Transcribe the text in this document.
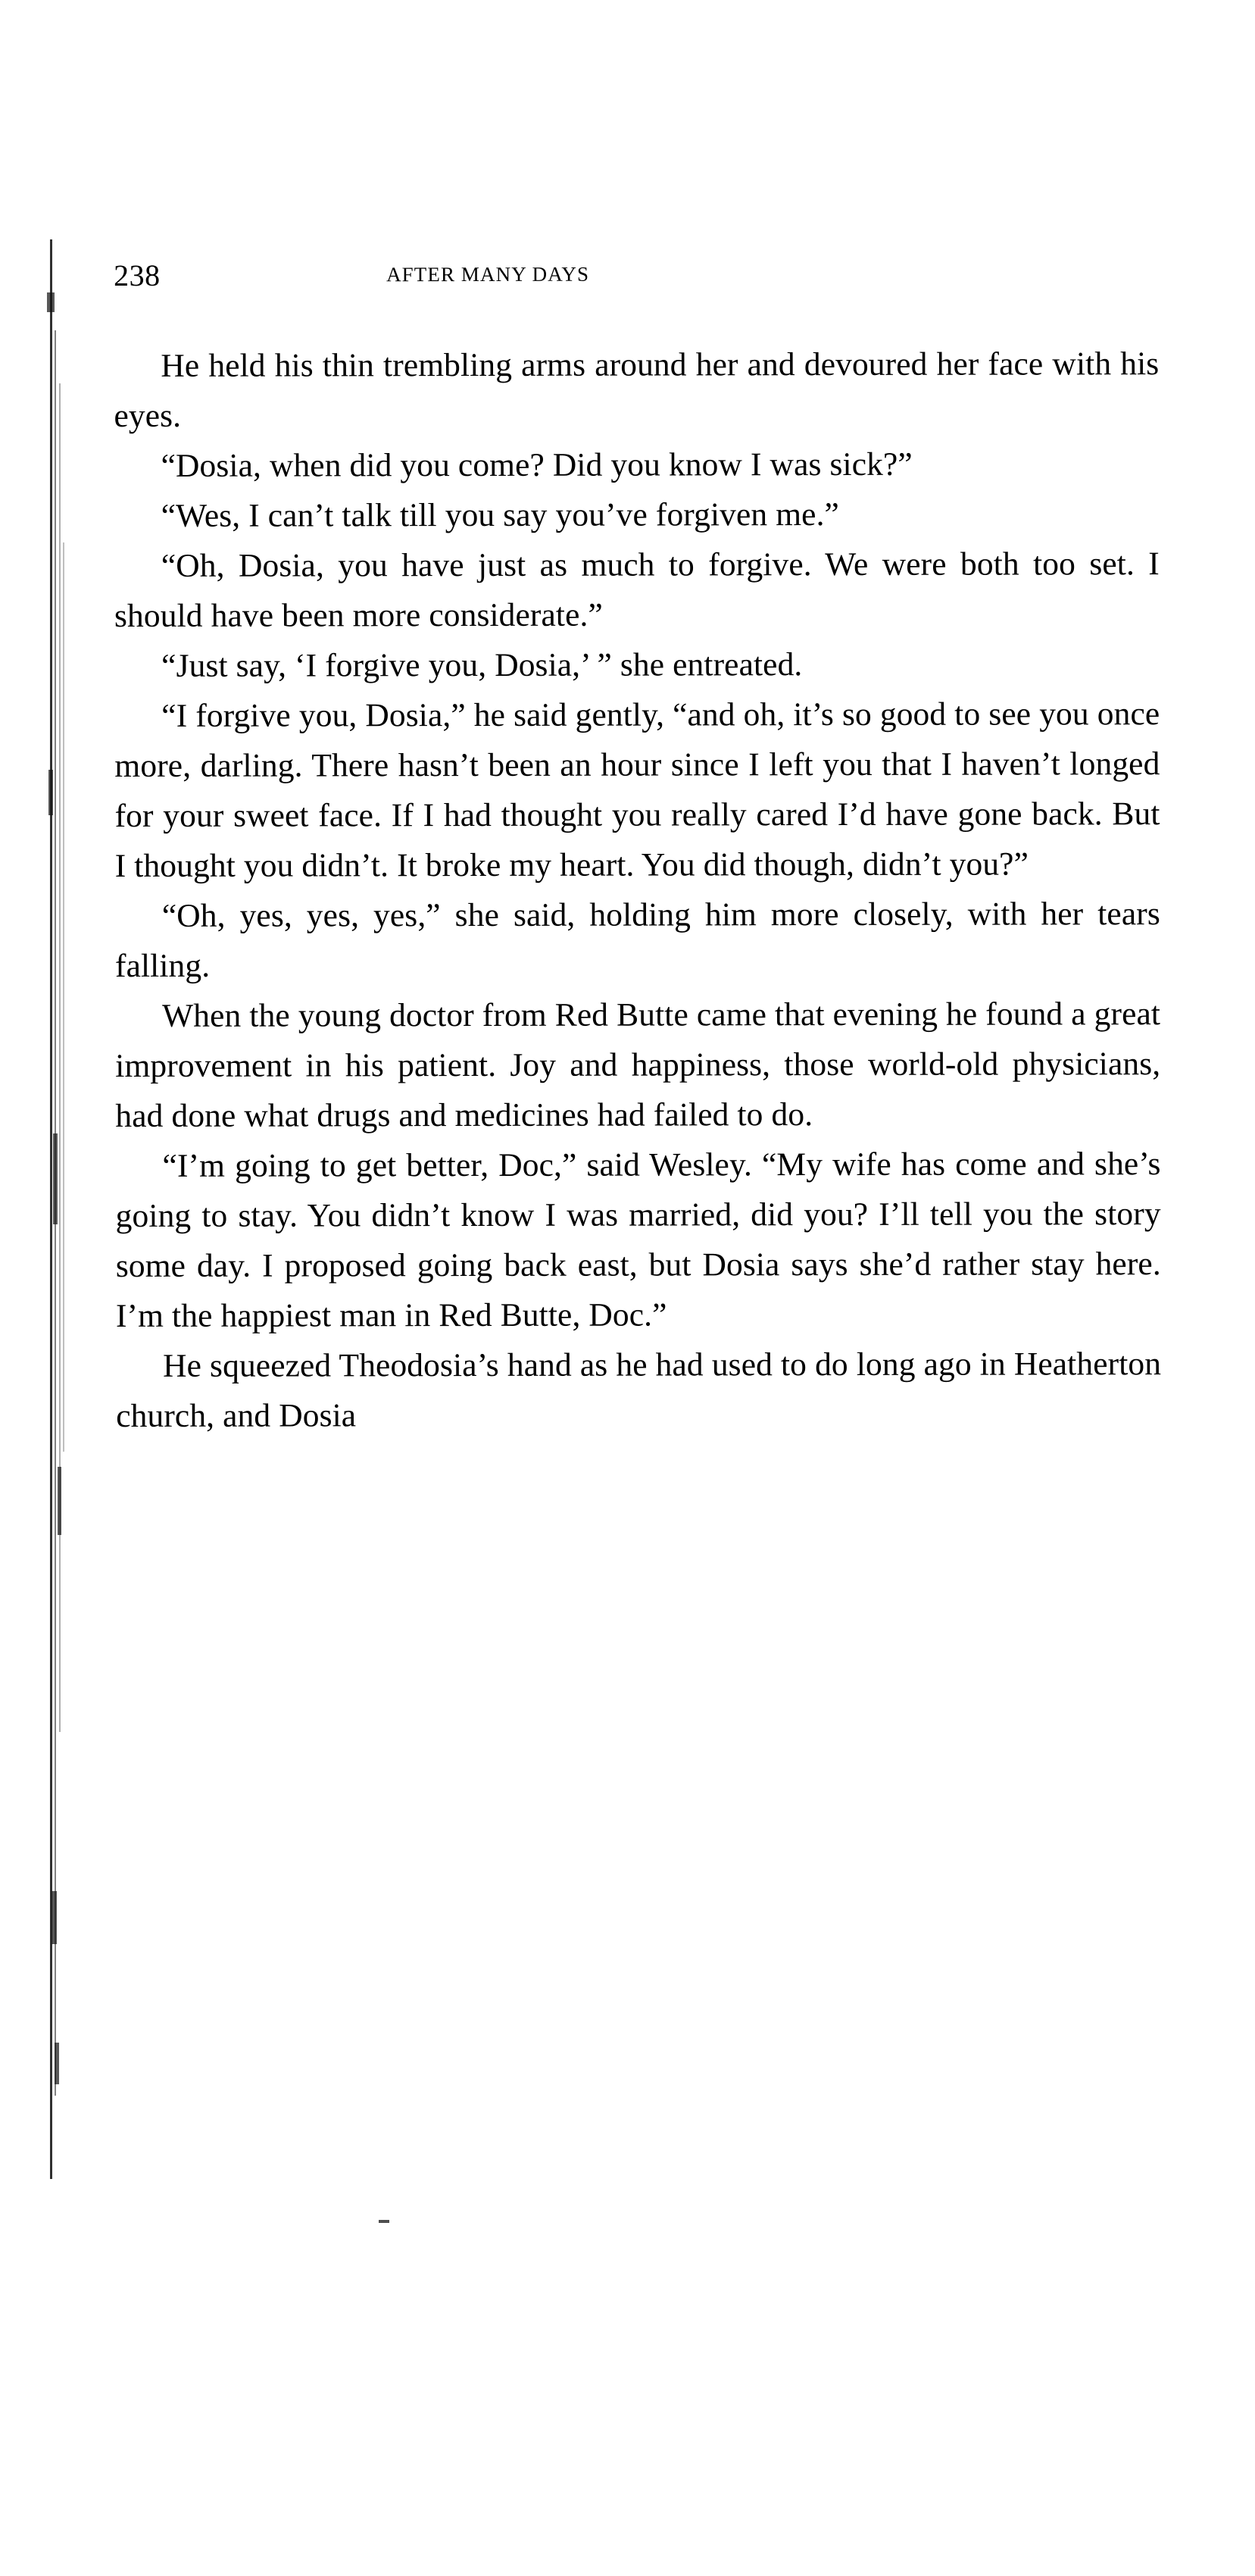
238	AFTER MANY DAYS

He held his thin trembling arms around her and devoured her face with his eyes.

“Dosia, when did you come? Did you know I was sick?”

“Wes, I can’t talk till you say you’ve forgiven me.”

“Oh, Dosia, you have just as much to forgive. We were both too set. I should have been more considerate.”

“Just say, ‘I forgive you, Dosia,’ ” she entreated.

“I forgive you, Dosia,” he said gently, “and oh, it’s so good to see you once more, darling. There hasn’t been an hour since I left you that I haven’t longed for your sweet face. If I had thought you really cared I’d have gone back. But I thought you didn’t. It broke my heart. You did though, didn’t you?”

“Oh, yes, yes, yes,” she said, holding him more closely, with her tears falling.

When the young doctor from Red Butte came that evening he found a great improvement in his patient. Joy and happiness, those world-old physicians, had done what drugs and medicines had failed to do.

“I’m going to get better, Doc,” said Wesley. “My wife has come and she’s going to stay. You didn’t know I was married, did you? I’ll tell you the story some day. I proposed going back east, but Dosia says she’d rather stay here. I’m the happiest man in Red Butte, Doc.”

He squeezed Theodosia’s hand as he had used to do long ago in Heatherton church, and Dosia
